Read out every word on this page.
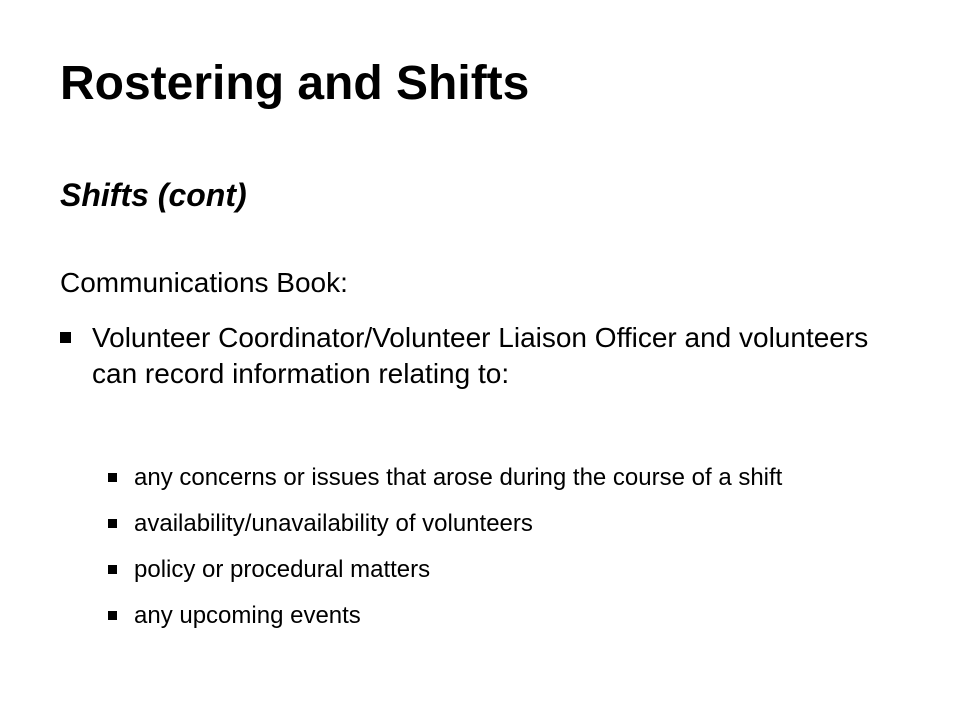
Rostering and Shifts
Shifts (cont)

Communications Book:

Volunteer Coordinator/Volunteer Liaison Officer and volunteers can record information relating to:
any concerns or issues that arose during the course of a shift
availability/unavailability of volunteers
policy or procedural matters
any upcoming events
